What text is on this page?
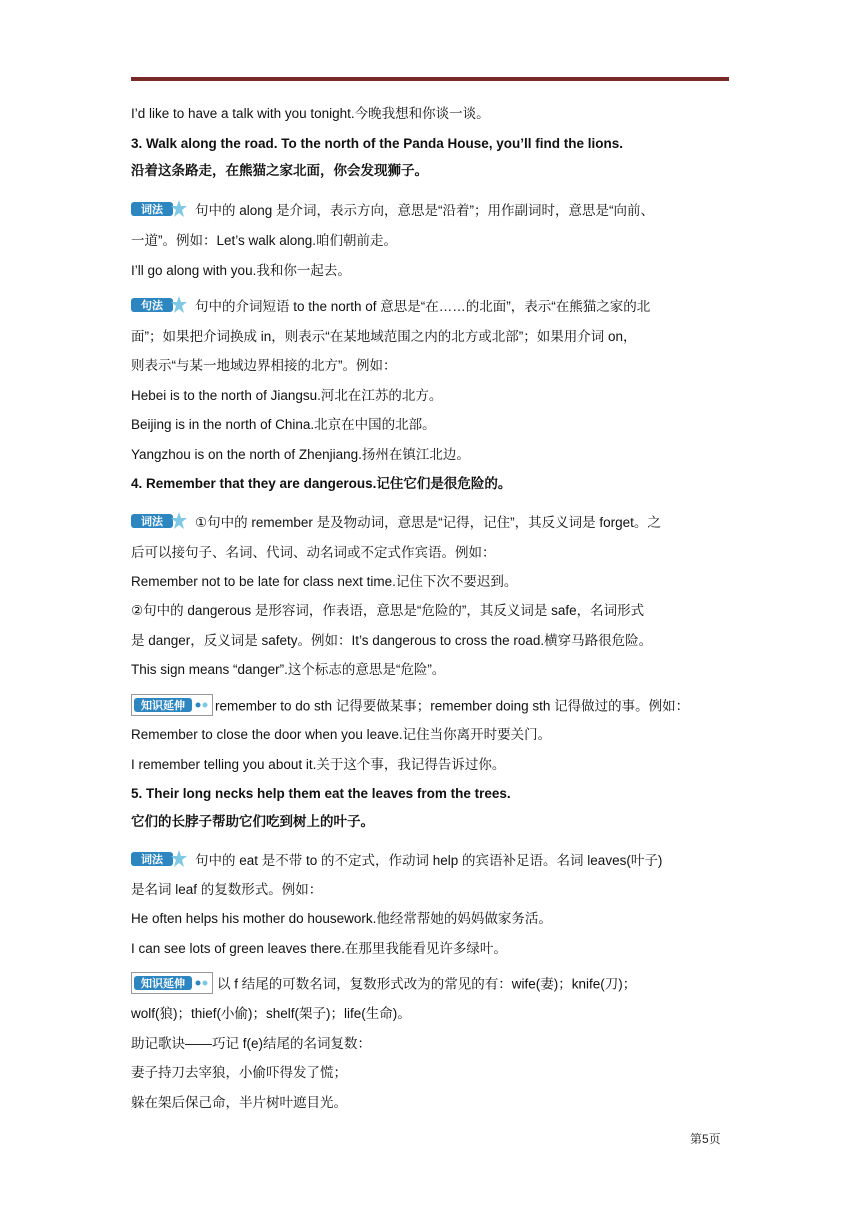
I’d like to have a talk with you tonight.今晚我想和你谈一谈。
3. Walk along the road. To the north of the Panda House, you’ll find the lions.
沿着这条路走，在熊猫之家北面，你会发现狮子。
词法 句中的 along 是介词，表示方向，意思是“沿着”；用作副词时，意思是“向前、
一道”。例如：Let’s walk along.咱们朝前走。
I’ll go along with you.我和你一起去。
句法 句中的介词短语 to the north of 意思是“在……的北面”，表示“在熊猫之家的北
面”；如果把介词换成 in，则表示“在某地域范围之内的北方或北部”；如果用介词 on，
则表示“与某一地域边界相接的北方”。例如：
Hebei is to the north of Jiangsu.河北在江苏的北方。
Beijing is in the north of China.北京在中国的北部。
Yangzhou is on the north of Zhenjiang.扬州在镇江北边。
4. Remember that they are dangerous.记住它们是很危险的。
词法 ①句中的 remember 是及物动词，意思是“记得，记住”，其反义词是 forget。之
后可以接句子、名词、代词、动名词或不定式作宾语。例如：
Remember not to be late for class next time.记住下次不要迟到。
②句中的 dangerous 是形容词，作表语，意思是“危险的”，其反义词是 safe，名词形式
是 danger，反义词是 safety。例如：It’s dangerous to cross the road.横穿马路很危险。
This sign means “danger”.这个标志的意思是“危险”。
知识延伸 remember to do sth 记得要做某事；remember doing sth 记得做过的事。例如：
Remember to close the door when you leave.记住当你离开时要关门。
I remember telling you about it.关于这个事，我记得告诉过你。
5. Their long necks help them eat the leaves from the trees.
它们的长脖子帮助它们吃到树上的叶子。
词法 句中的 eat 是不带 to 的不定式，作动词 help 的宾语补足语。名词 leaves(叶子)
是名词 leaf 的复数形式。例如：
He often helps his mother do housework.他经常帮她的妈妈做家务活。
I can see lots of green leaves there.在那里我能看见许多绿叶。
知识延伸 以 f 结尾的可数名词，复数形式改为的常见的有：wife(妻)；knife(刀)；
wolf(狼)；thief(小偷)；shelf(架子)；life(生命)。
助记歌诀——巧记 f(e)结尾的名词复数：
妻子持刀去宰狼，小偷吓得发了慌；
躲在架后保己命，半片树叶遮目光。
第5页
